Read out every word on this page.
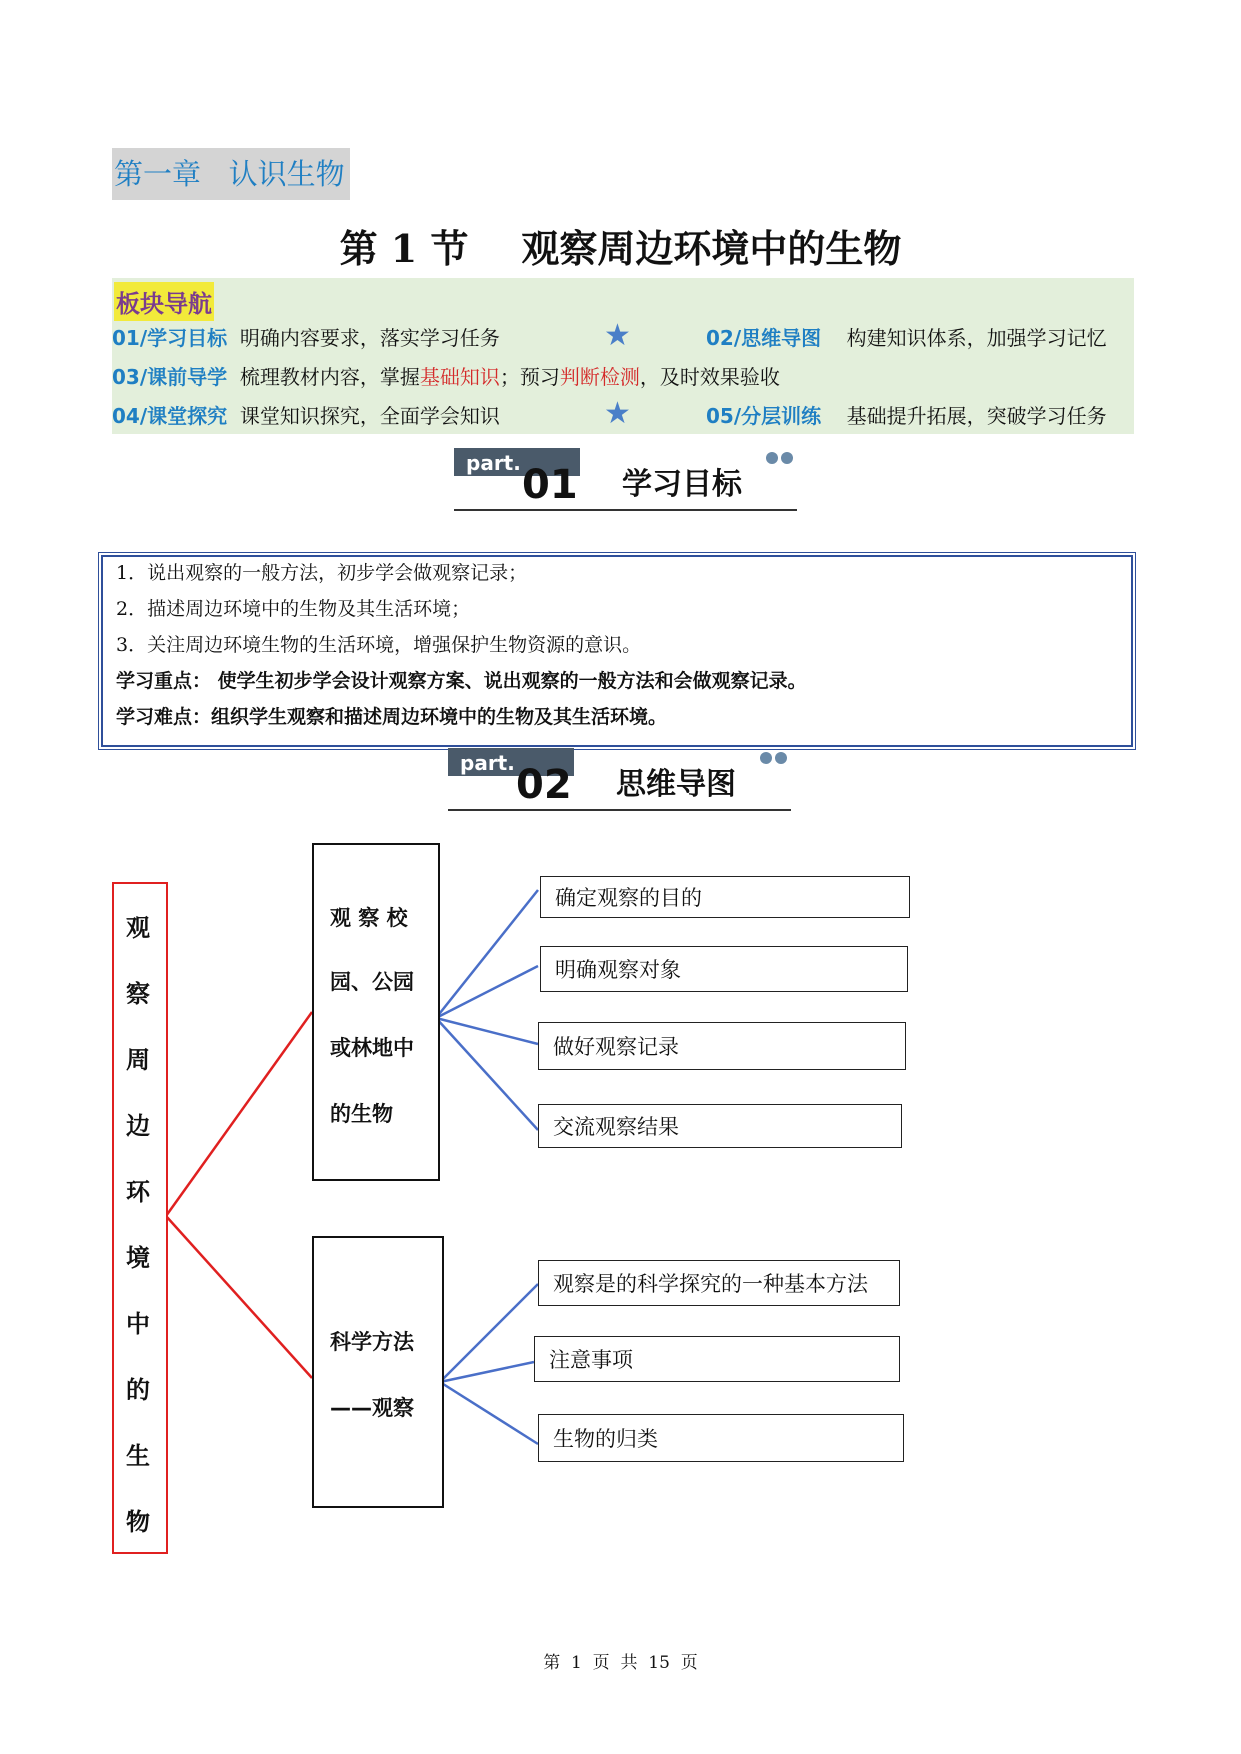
第一章   认识生物
第 1 节    观察周边环境中的生物
板块导航
01/学习目标 明确内容要求，落实学习任务	★	02/思维导图 构建知识体系，加强学习记忆
03/课前导学 梳理教材内容，掌握基础知识；预习判断检测，及时效果验收
04/课堂探究 课堂知识探究，全面学会知识	★	05/分层训练 基础提升拓展，突破学习任务
part. 01 学习目标
1．说出观察的一般方法，初步学会做观察记录；
2．描述周边环境中的生物及其生活环境；
3．关注周边环境生物的生活环境，增强保护生物资源的意识。
学习重点： 使学生初步学会设计观察方案、说出观察的一般方法和会做观察记录。
学习难点：组织学生观察和描述周边环境中的生物及其生活环境。
part. 02 思维导图
观
察
周
边
环
境
中
的
生
物
观 察 校
园、公园
或林地中
的生物
确定观察的目的
明确观察对象
做好观察记录
交流观察结果
科学方法
——观察
观察是的科学探究的一种基本方法
注意事项
生物的归类
第  1  页  共  15  页
